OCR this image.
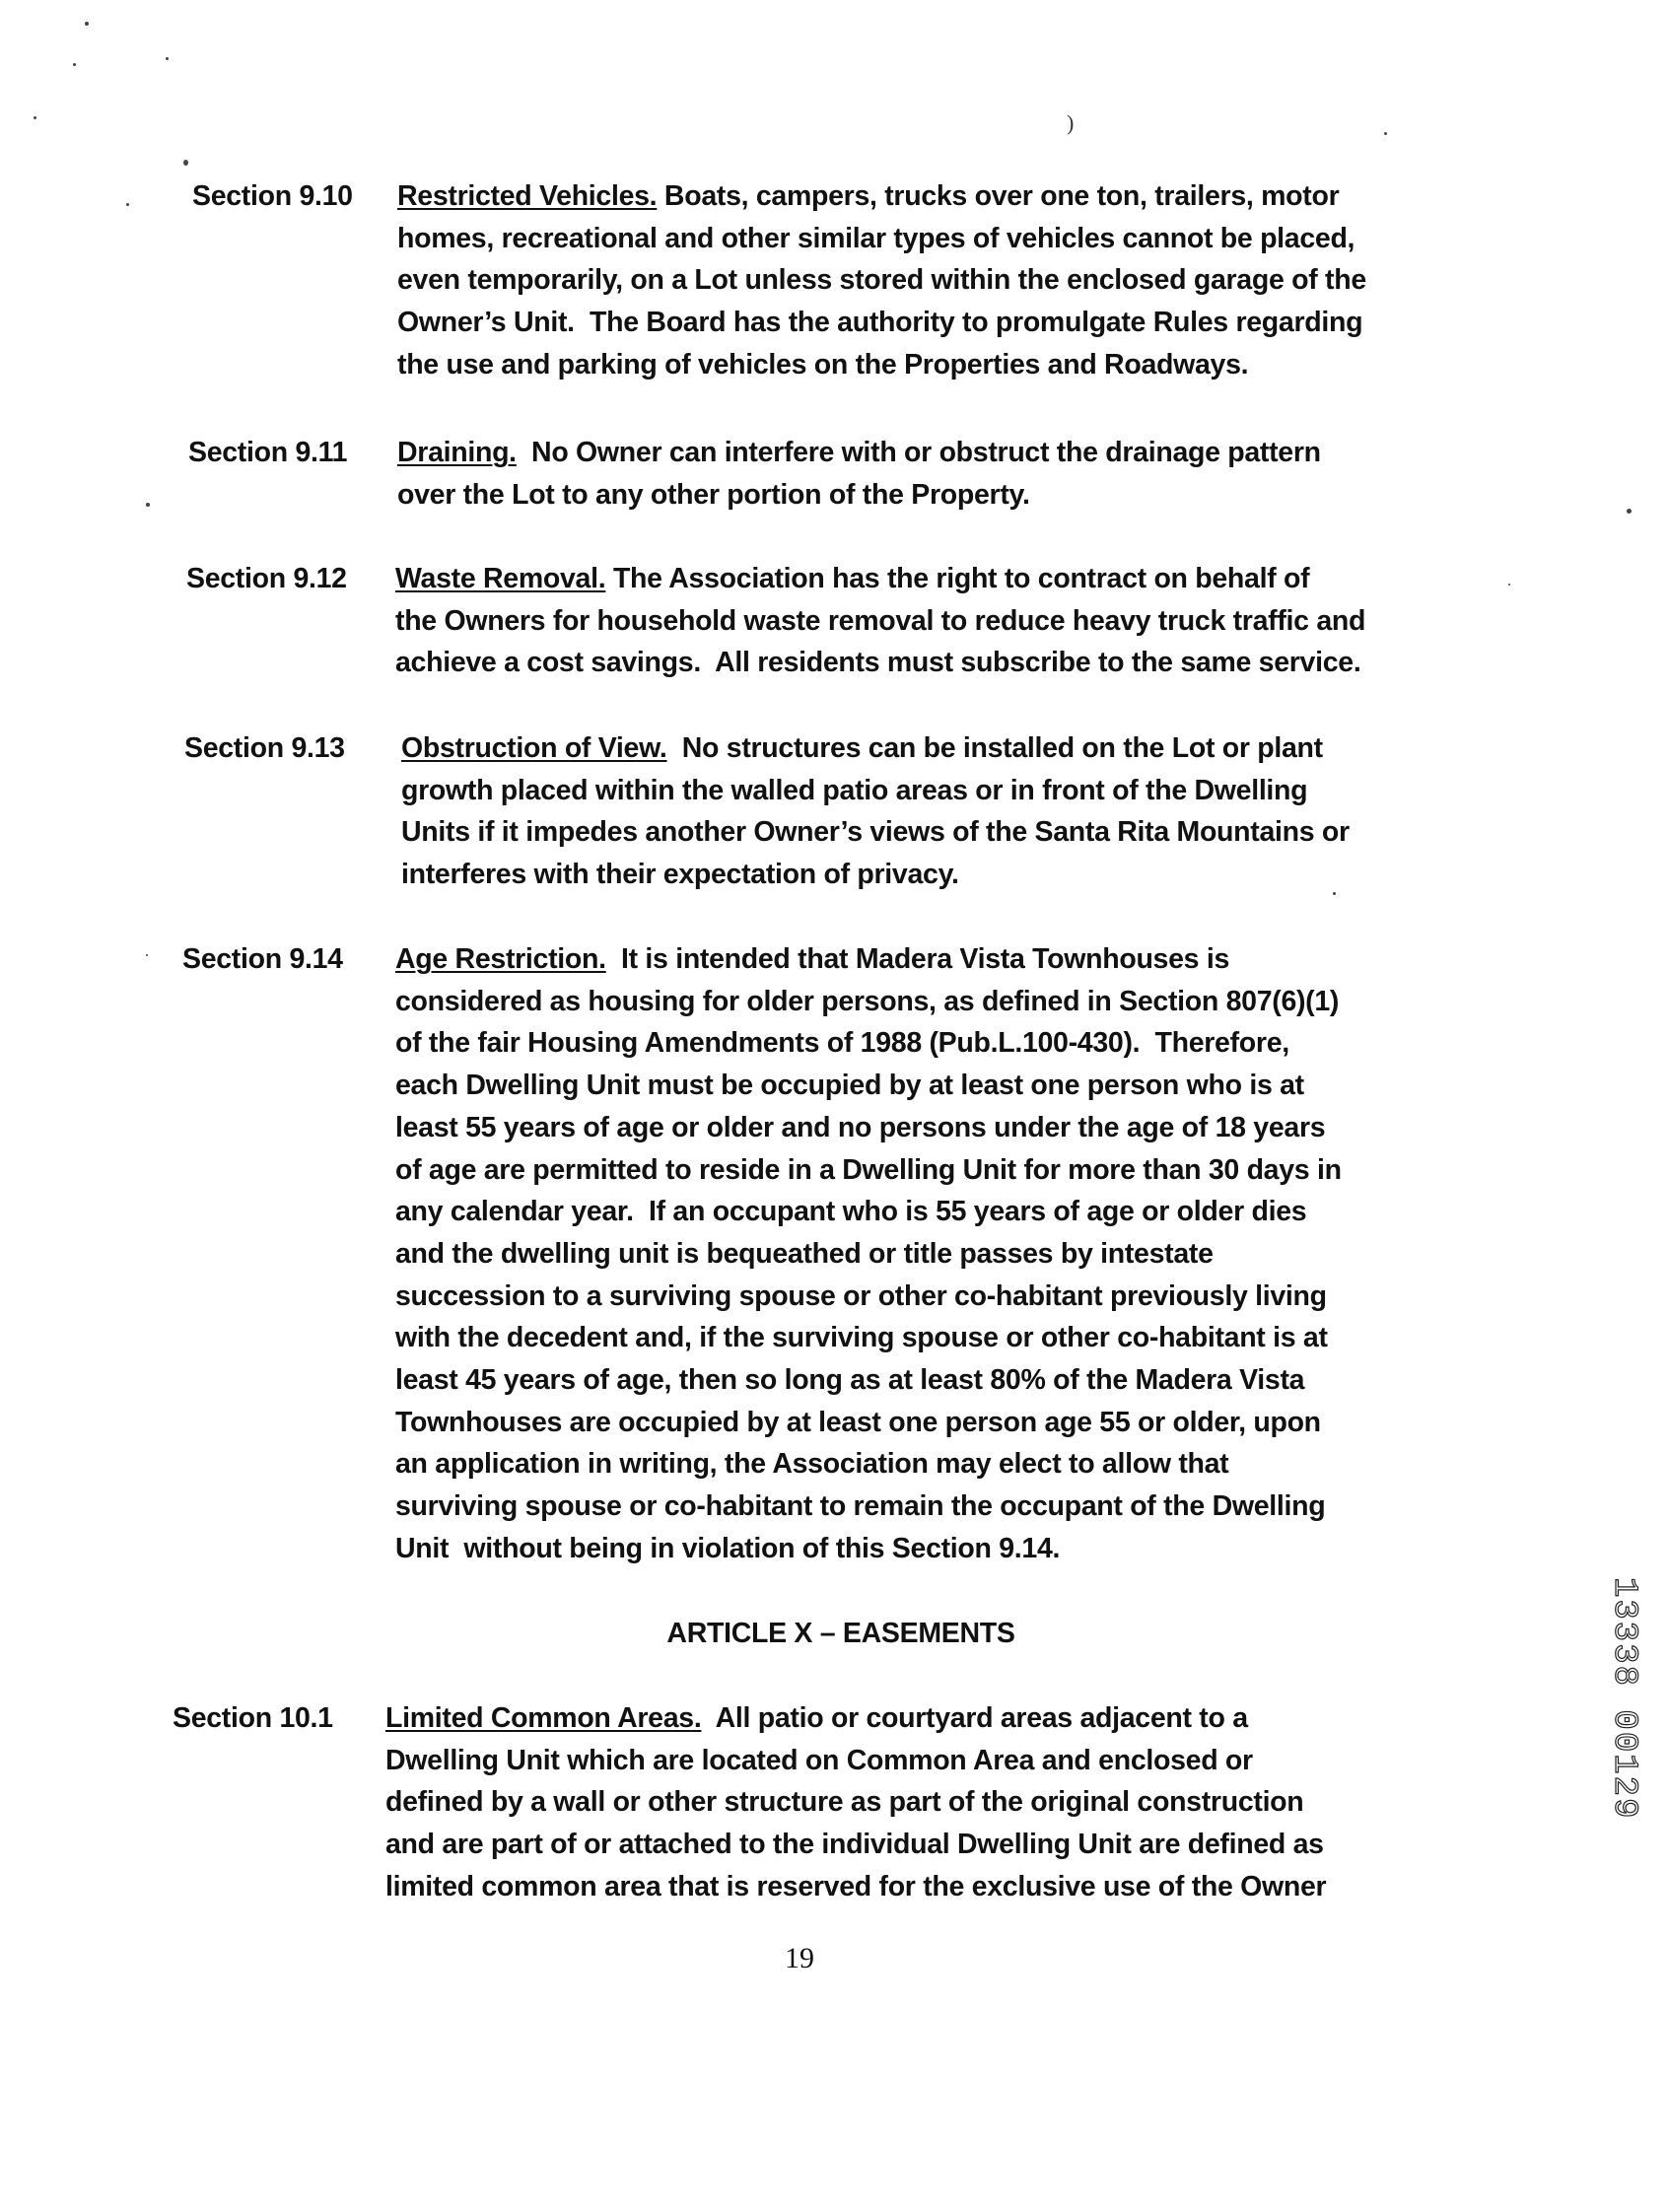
)
Section 9.10 Restricted Vehicles. Boats, campers, trucks over one ton, trailers, motor
homes, recreational and other similar types of vehicles cannot be placed,
even temporarily, on a Lot unless stored within the enclosed garage of the
Owner’s Unit.  The Board has the authority to promulgate Rules regarding
the use and parking of vehicles on the Properties and Roadways.
Section 9.11 Draining.  No Owner can interfere with or obstruct the drainage pattern
over the Lot to any other portion of the Property.
Section 9.12 Waste Removal. The Association has the right to contract on behalf of
the Owners for household waste removal to reduce heavy truck traffic and
achieve a cost savings.  All residents must subscribe to the same service.
Section 9.13 Obstruction of View.  No structures can be installed on the Lot or plant
growth placed within the walled patio areas or in front of the Dwelling
Units if it impedes another Owner’s views of the Santa Rita Mountains or
interferes with their expectation of privacy.
Section 9.14 Age Restriction.  It is intended that Madera Vista Townhouses is
considered as housing for older persons, as defined in Section 807(6)(1)
of the fair Housing Amendments of 1988 (Pub.L.100-430).  Therefore,
each Dwelling Unit must be occupied by at least one person who is at
least 55 years of age or older and no persons under the age of 18 years
of age are permitted to reside in a Dwelling Unit for more than 30 days in
any calendar year.  If an occupant who is 55 years of age or older dies
and the dwelling unit is bequeathed or title passes by intestate
succession to a surviving spouse or other co-habitant previously living
with the decedent and, if the surviving spouse or other co-habitant is at
least 45 years of age, then so long as at least 80% of the Madera Vista
Townhouses are occupied by at least one person age 55 or older, upon
an application in writing, the Association may elect to allow that
surviving spouse or co-habitant to remain the occupant of the Dwelling
Unit  without being in violation of this Section 9.14.
ARTICLE X – EASEMENTS
Section 10.1 Limited Common Areas.  All patio or courtyard areas adjacent to a
Dwelling Unit which are located on Common Area and enclosed or
defined by a wall or other structure as part of the original construction
and are part of or attached to the individual Dwelling Unit are defined as
limited common area that is reserved for the exclusive use of the Owner
19
13338 00129
